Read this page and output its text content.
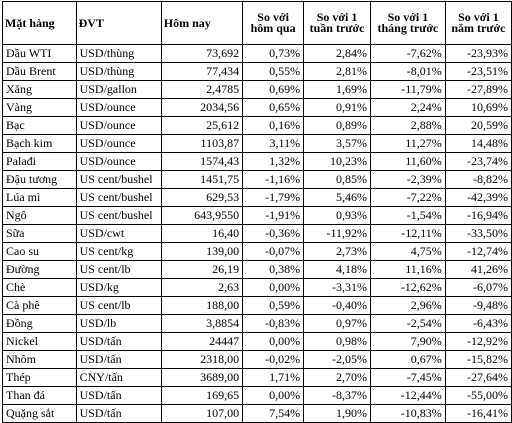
Mặt hàng	ĐVT	Hôm nay	So với hôm qua	So với 1 tuần trước	So với 1 tháng trước	So với 1 năm trước
Dầu WTI	USD/thùng	73,692	0,73%	2,84%	-7,62%	-23,93%
Dầu Brent	USD/thùng	77,434	0,55%	2,81%	-8,01%	-23,51%
Xăng	USD/gallon	2,4785	0,69%	1,69%	-11,79%	-27,89%
Vàng	USD/ounce	2034,56	0,65%	0,91%	2,24%	10,69%
Bạc	USD/ounce	25,612	0,16%	0,89%	2,88%	20,59%
Bạch kim	USD/ounce	1103,87	3,11%	3,57%	11,27%	14,48%
Palađi	USD/ounce	1574,43	1,32%	10,23%	11,60%	-23,74%
Đậu tương	US cent/bushel	1451,75	-1,16%	0,85%	-2,39%	-8,82%
Lúa mì	US cent/bushel	629,53	-1,79%	5,46%	-7,22%	-42,39%
Ngô	US cent/bushel	643,9550	-1,91%	0,93%	-1,54%	-16,94%
Sữa	USD/cwt	16,40	-0,36%	-11,92%	-12,11%	-33,50%
Cao su	US cent/kg	139,00	-0,07%	2,73%	4,75%	-12,74%
Đường	US cent/lb	26,19	0,38%	4,18%	11,16%	41,26%
Chè	USD/kg	2,63	0,00%	-3,31%	-12,62%	-6,07%
Cà phê	US cent/lb	188,00	0,59%	-0,40%	2,96%	-9,48%
Đồng	USD/lb	3,8854	-0,83%	0,97%	-2,54%	-6,43%
Nickel	USD/tấn	24447	0,00%	0,98%	7,90%	-12,92%
Nhôm	USD/tấn	2318,00	-0,02%	-2,05%	0,67%	-15,82%
Thép	CNY/tấn	3689,00	1,71%	2,70%	-7,45%	-27,64%
Than đá	USD/tấn	169,65	0,00%	-8,37%	-12,44%	-55,00%
Quặng sắt	USD/tấn	107,00	7,54%	1,90%	-10,83%	-16,41%
